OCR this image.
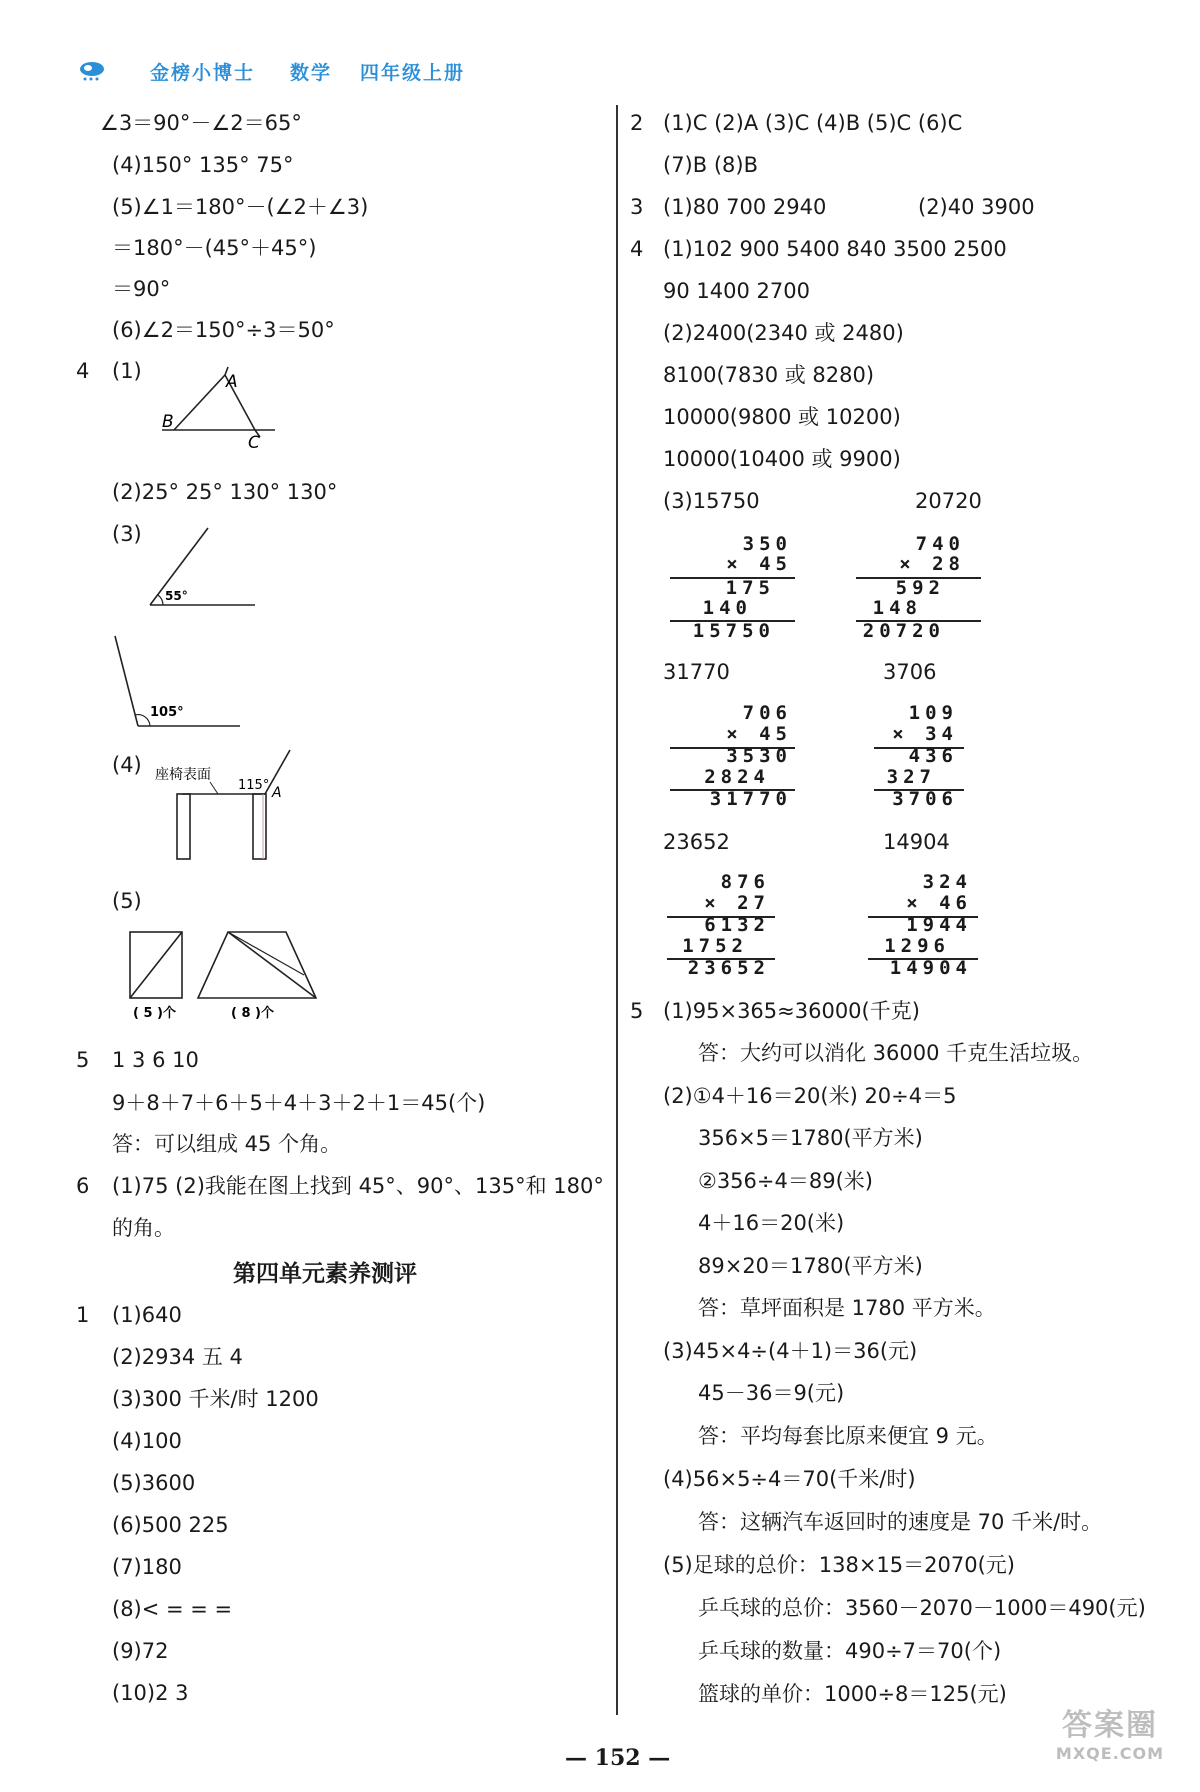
金榜小博士 数学 四年级上册
∠3＝90°－∠2＝65°
(4)150° 135° 75°
(5)∠1＝180°－(∠2＋∠3)
＝180°－(45°＋45°)
＝90°
(6)∠2＝150°÷3＝50°
4 (1)	A
B
C
(2)25° 25° 130° 130°
(3)
55°
105°
(4) 座椅表面
115° A
(5)
( 5 )个	( 8 )个
5 1 3 6 10
9＋8＋7＋6＋5＋4＋3＋2＋1＝45(个)
答：可以组成 45 个角。
6 (1)75 (2)我能在图上找到 45°、90°、135°和 180°
的角。
第四单元素养测评
1 (1)640
(2)2934 五 4
(3)300 千米/时 1200
(4)100
(5)3600
(6)500 225
(7)180
(8)< = = =
(9)72
(10)2 3
2 (1)C (2)A (3)C (4)B (5)C (6)C
(7)B (8)B
3 (1)80 700 2940	(2)40 3900
4 (1)102 900 5400 840 3500 2500
90 1400 2700
(2)2400(2340 或 2480)
8100(7830 或 8280)
10000(9800 或 10200)
10000(10400 或 9900)
(3)15750	20720
350
× 45
175
140
15750
740
× 28
592
148
20720
31770	3706
706
× 45
3530
2824
31770
109
× 34
436
327
3706
23652	14904
876
× 27
6132
1752
23652
324
× 46
1944
1296
14904
5 (1)95×365≈36000(千克)
答：大约可以消化 36000 千克生活垃圾。
(2)①4＋16＝20(米) 20÷4＝5
356×5＝1780(平方米)
②356÷4＝89(米)
4＋16＝20(米)
89×20＝1780(平方米)
答：草坪面积是 1780 平方米。
(3)45×4÷(4＋1)＝36(元)
45－36＝9(元)
答：平均每套比原来便宜 9 元。
(4)56×5÷4＝70(千米/时)
答：这辆汽车返回时的速度是 70 千米/时。
(5)足球的总价：138×15＝2070(元)
乒乓球的总价：3560－2070－1000＝490(元)
乒乓球的数量：490÷7＝70(个)
篮球的单价：1000÷8＝125(元)
— 152 —
答案圈
MXQE.COM
